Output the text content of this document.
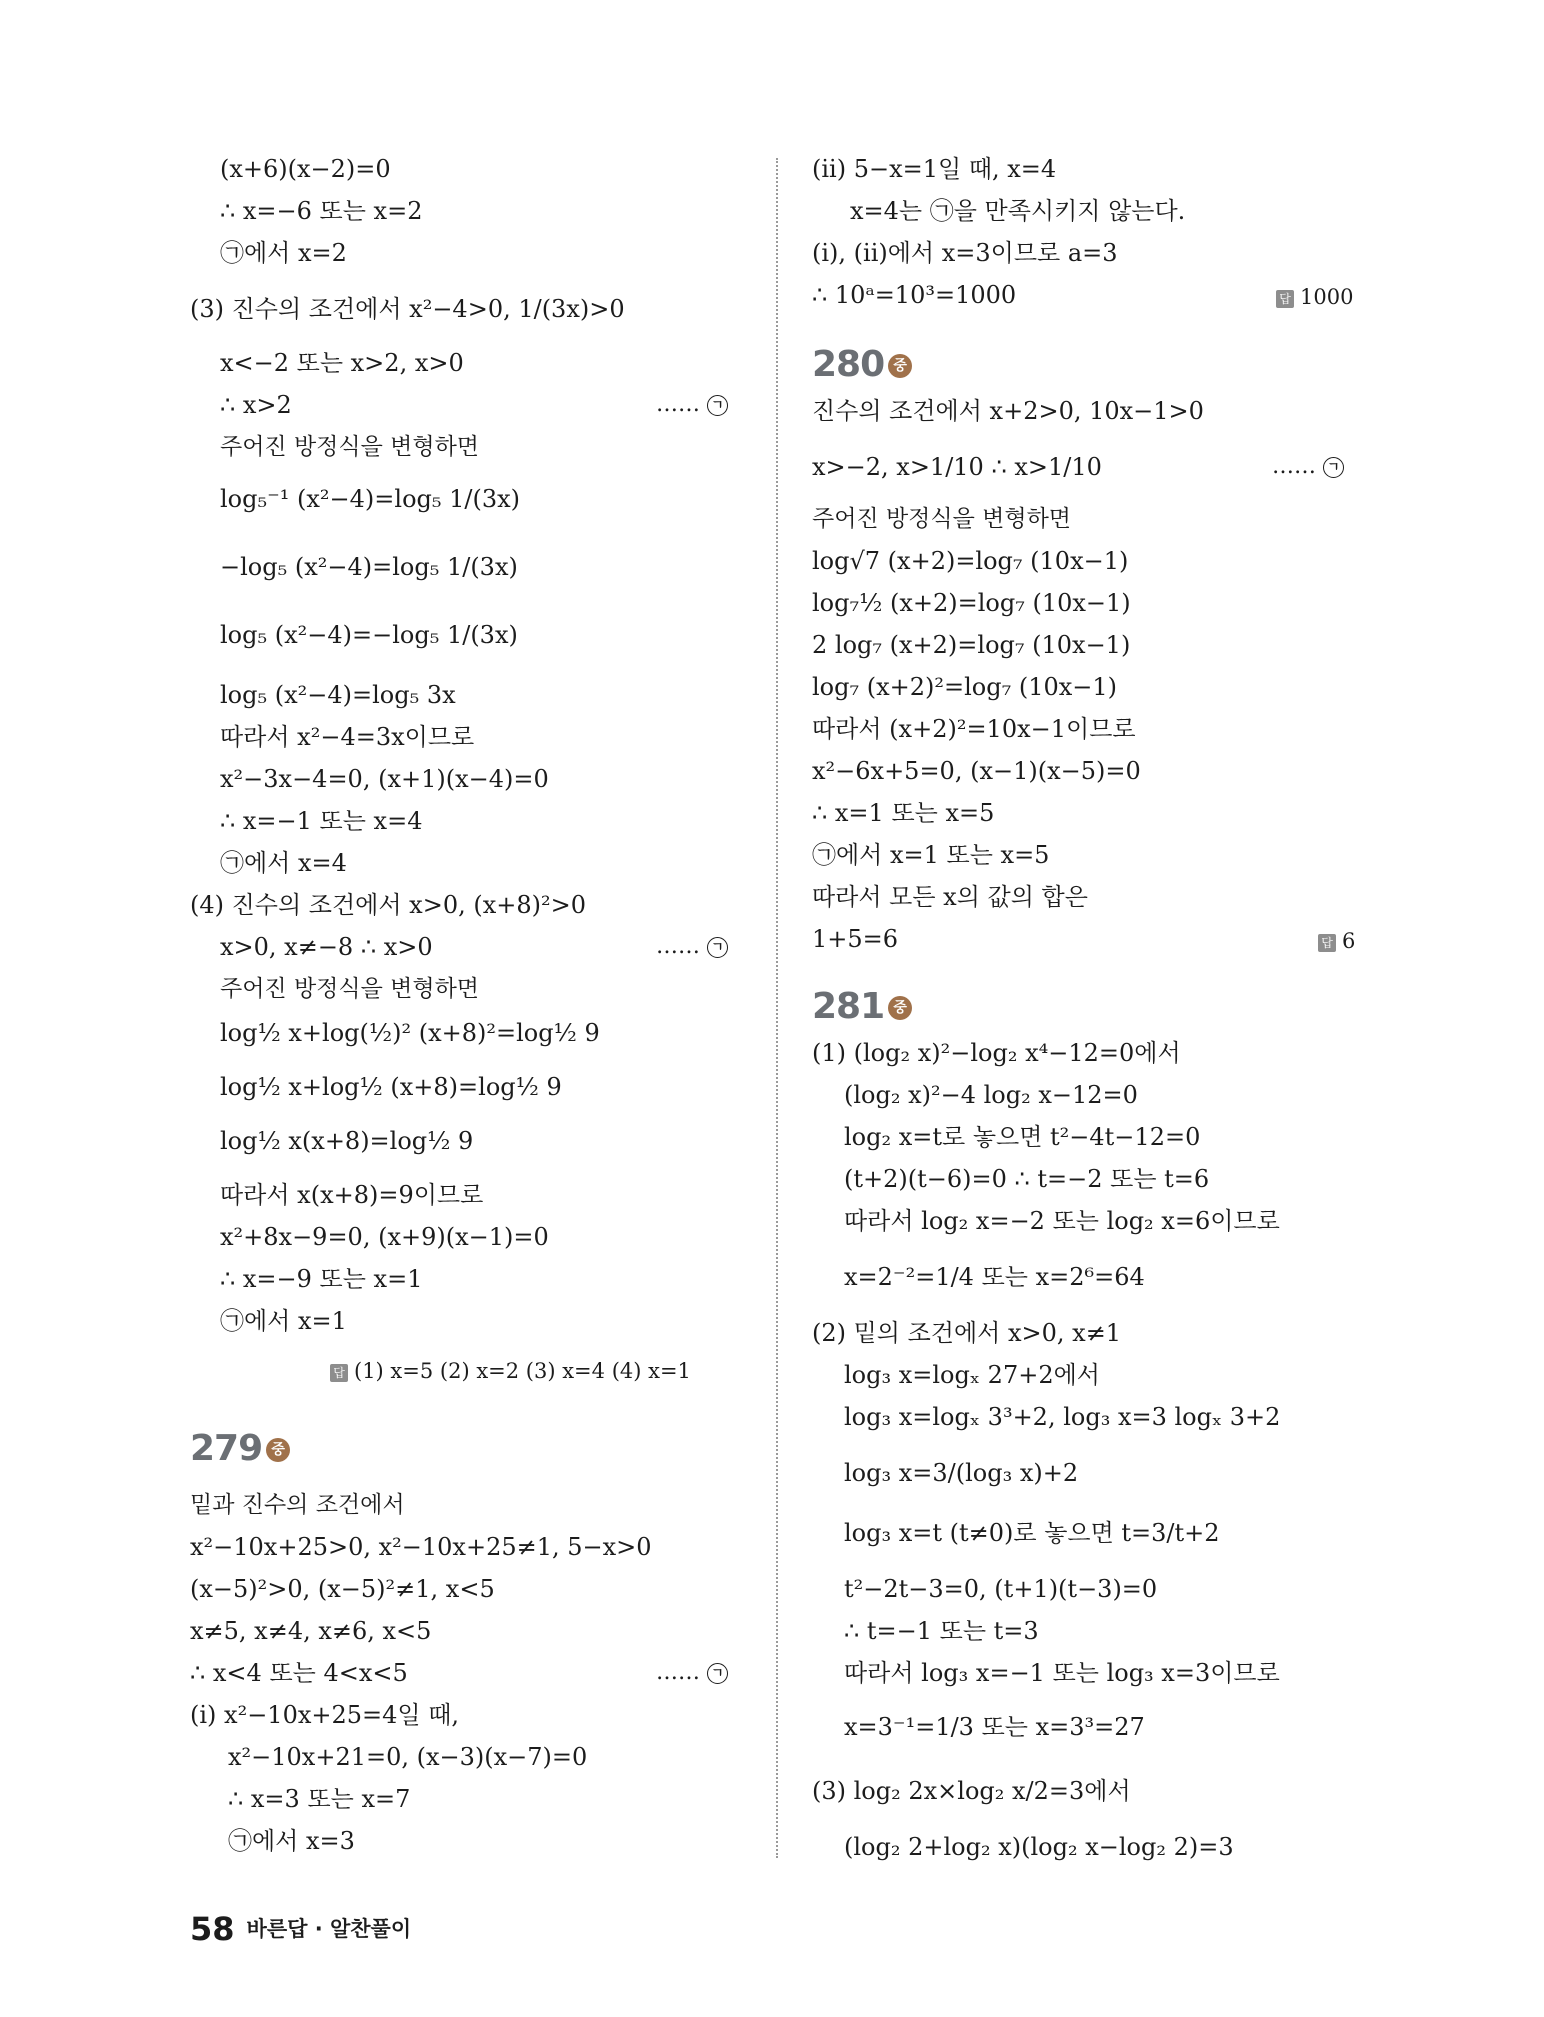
(x+6)(x−2)=0
∴ x=−6 또는 x=2
㉠에서 x=2
(3) 진수의 조건에서 x²−4>0, 1/(3x)>0
x<−2 또는 x>2, x>0
∴ x>2	…… ㄱ
주어진 방정식을 변형하면
log₅⁻¹ (x²−4)=log₅ 1/(3x)
−log₅ (x²−4)=log₅ 1/(3x)
log₅ (x²−4)=−log₅ 1/(3x)
log₅ (x²−4)=log₅ 3x
따라서 x²−4=3x이므로
x²−3x−4=0, (x+1)(x−4)=0
∴ x=−1 또는 x=4
㉠에서 x=4
(4) 진수의 조건에서 x>0, (x+8)²>0
x>0, x≠−8 ∴ x>0	…… ㄱ
주어진 방정식을 변형하면
log½ x+log(½)² (x+8)²=log½ 9
log½ x+log½ (x+8)=log½ 9
log½ x(x+8)=log½ 9
따라서 x(x+8)=9이므로
x²+8x−9=0, (x+9)(x−1)=0
∴ x=−9 또는 x=1
㉠에서 x=1
답 (1) x=5 (2) x=2 (3) x=4 (4) x=1
279 중
밑과 진수의 조건에서
x²−10x+25>0, x²−10x+25≠1, 5−x>0
(x−5)²>0, (x−5)²≠1, x<5
x≠5, x≠4, x≠6, x<5
∴ x<4 또는 4<x<5	…… ㄱ
(i) x²−10x+25=4일 때,
x²−10x+21=0, (x−3)(x−7)=0
∴ x=3 또는 x=7
㉠에서 x=3
(ii) 5−x=1일 때, x=4
x=4는 ㉠을 만족시키지 않는다.
(i), (ii)에서 x=3이므로 a=3
∴ 10ᵃ=10³=1000	답 1000
280 중
진수의 조건에서 x+2>0, 10x−1>0
x>−2, x>1/10 ∴ x>1/10	…… ㄱ
주어진 방정식을 변형하면
log√7 (x+2)=log₇ (10x−1)
log₇½ (x+2)=log₇ (10x−1)
2 log₇ (x+2)=log₇ (10x−1)
log₇ (x+2)²=log₇ (10x−1)
따라서 (x+2)²=10x−1이므로
x²−6x+5=0, (x−1)(x−5)=0
∴ x=1 또는 x=5
㉠에서 x=1 또는 x=5
따라서 모든 x의 값의 합은
1+5=6	답 6
281 중
(1) (log₂ x)²−log₂ x⁴−12=0에서
(log₂ x)²−4 log₂ x−12=0
log₂ x=t로 놓으면 t²−4t−12=0
(t+2)(t−6)=0 ∴ t=−2 또는 t=6
따라서 log₂ x=−2 또는 log₂ x=6이므로
x=2⁻²=1/4 또는 x=2⁶=64
(2) 밑의 조건에서 x>0, x≠1
log₃ x=logₓ 27+2에서
log₃ x=logₓ 3³+2, log₃ x=3 logₓ 3+2
log₃ x=3/(log₃ x)+2
log₃ x=t (t≠0)로 놓으면 t=3/t+2
t²−2t−3=0, (t+1)(t−3)=0
∴ t=−1 또는 t=3
따라서 log₃ x=−1 또는 log₃ x=3이므로
x=3⁻¹=1/3 또는 x=3³=27
(3) log₂ 2x×log₂ x/2=3에서
(log₂ 2+log₂ x)(log₂ x−log₂ 2)=3
58 바른답 · 알찬풀이
